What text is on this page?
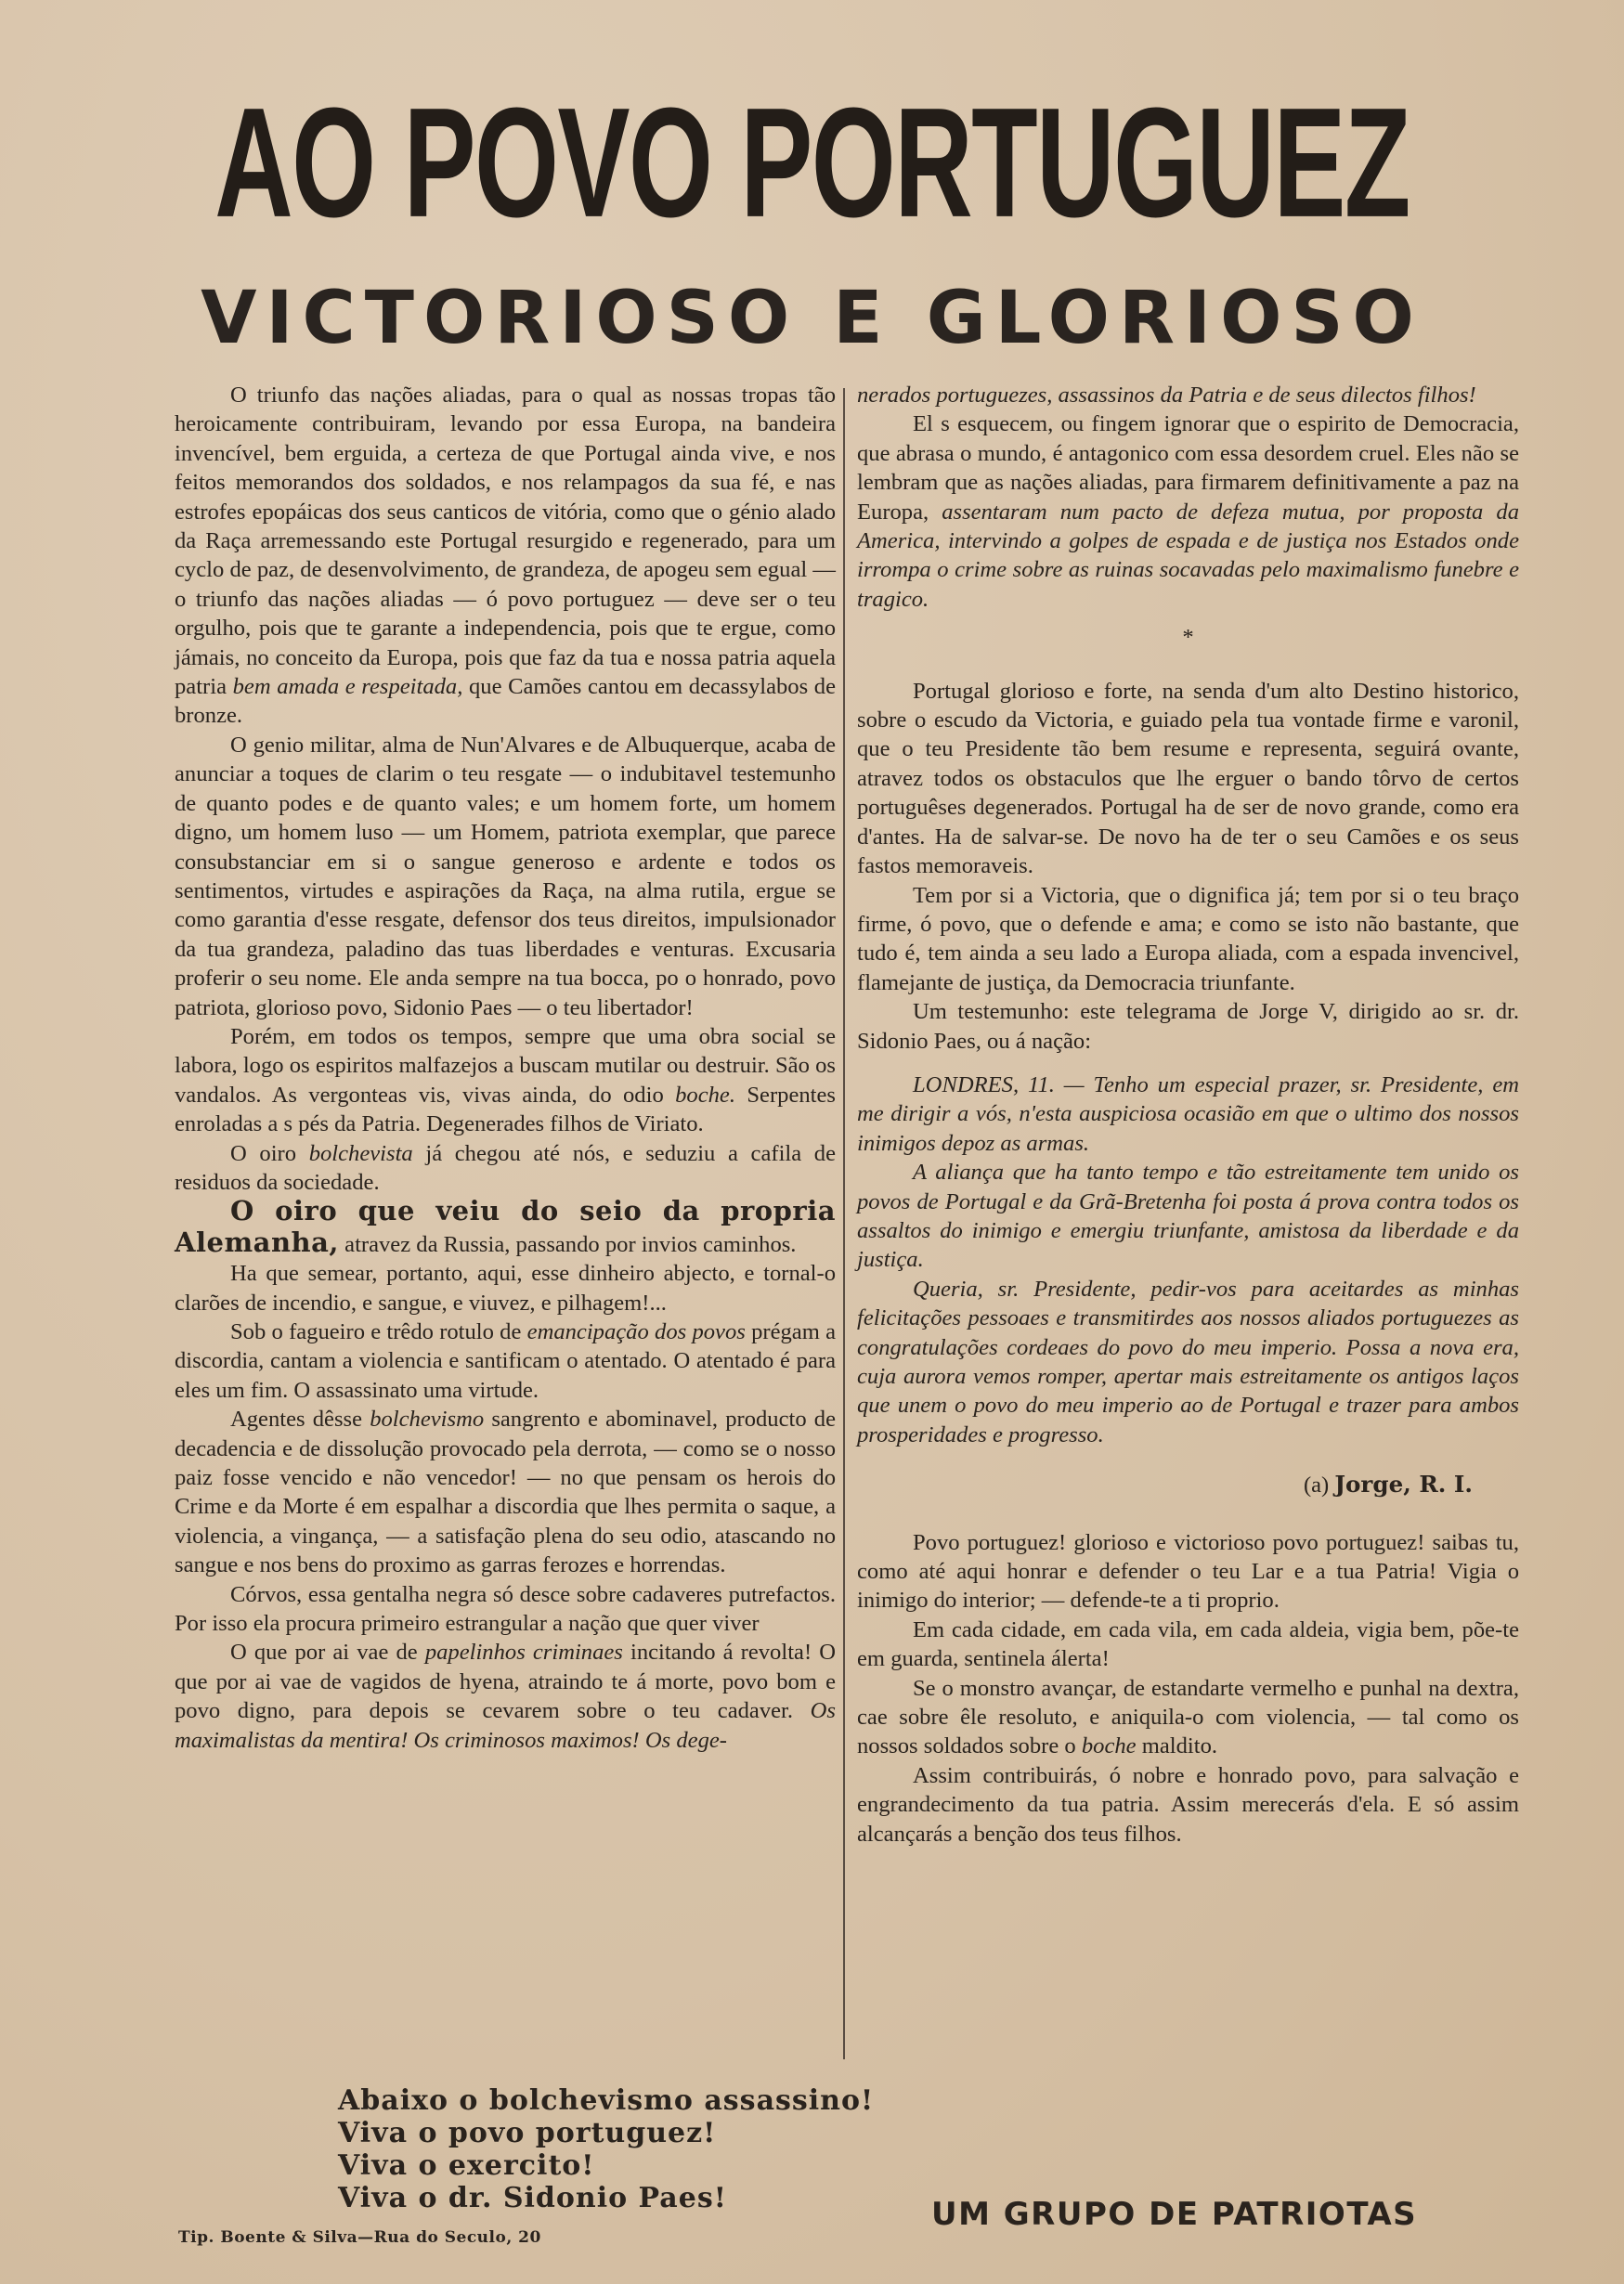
AO POVO PORTUGUEZ
VICTORIOSO E GLORIOSO

O triunfo das nações aliadas, para o qual as nossas tropas tão heroicamente contribuiram, levando por essa Europa, na bandeira invencível, bem erguida, a certeza de que Portugal ainda vive, e nos feitos memorandos dos soldados, e nos relampagos da sua fé, e nas estrofes epopáicas dos seus canticos de vitória, como que o génio alado da Raça arremessando este Portugal resurgido e regenerado, para um cyclo de paz, de desenvolvimento, de grandeza, de apogeu sem egual — o triunfo das nações aliadas — ó povo portuguez — deve ser o teu orgulho, pois que te garante a independencia, pois que te ergue, como jámais, no conceito da Europa, pois que faz da tua e nossa patria aquela patria bem amada e respeitada, que Camões cantou em decassylabos de bronze.

O genio militar, alma de Nun'Alvares e de Albuquerque, acaba de anunciar a toques de clarim o teu resgate — o indubitavel testemunho de quanto podes e de quanto vales; e um homem forte, um homem digno, um homem luso — um Homem, patriota exemplar, que parece consubstanciar em si o sangue generoso e ardente e todos os sentimentos, virtudes e aspirações da Raça, na alma rutila, ergue se como garantia d'esse resgate, defensor dos teus direitos, impulsionador da tua grandeza, paladino das tuas liberdades e venturas. Excusaria proferir o seu nome. Ele anda sempre na tua bocca, po o honrado, povo patriota, glorioso povo, Sidonio Paes — o teu libertador!

Porém, em todos os tempos, sempre que uma obra social se labora, logo os espiritos malfazejos a buscam mutilar ou destruir. São os vandalos. As vergonteas vis, vivas ainda, do odio boche. Serpentes enroladas a s pés da Patria. Degenerades filhos de Viriato.

O oiro bolchevista já chegou até nós, e seduziu a cafila de residuos da sociedade.

O oiro que veiu do seio da propria Alemanha, atravez da Russia, passando por invios caminhos.

Ha que semear, portanto, aqui, esse dinheiro abjecto, e tornal-o clarões de incendio, e sangue, e viuvez, e pilhagem!...

Sob o fagueiro e trêdo rotulo de emancipação dos povos prégam a discordia, cantam a violencia e santificam o atentado. O atentado é para eles um fim. O assassinato uma virtude.

Agentes dêsse bolchevismo sangrento e abominavel, producto de decadencia e de dissolução provocado pela derrota, — como se o nosso paiz fosse vencido e não vencedor! — no que pensam os herois do Crime e da Morte é em espalhar a discordia que lhes permita o saque, a violencia, a vingança, — a satisfação plena do seu odio, atascando no sangue e nos bens do proximo as garras ferozes e horrendas.

Córvos, essa gentalha negra só desce sobre cadaveres putrefactos. Por isso ela procura primeiro estrangular a nação que quer viver

O que por ai vae de papelinhos criminaes incitando á revolta! O que por ai vae de vagidos de hyena, atraindo te á morte, povo bom e povo digno, para depois se cevarem sobre o teu cadaver. Os maximalistas da mentira! Os criminosos maximos! Os dege-

nerados portuguezes, assassinos da Patria e de seus dilectos filhos!

El s esquecem, ou fingem ignorar que o espirito de Democracia, que abrasa o mundo, é antagonico com essa desordem cruel. Eles não se lembram que as nações aliadas, para firmarem definitivamente a paz na Europa, assentaram num pacto de defeza mutua, por proposta da America, intervindo a golpes de espada e de justiça nos Estados onde irrompa o crime sobre as ruinas socavadas pelo maximalismo funebre e tragico.

*

Portugal glorioso e forte, na senda d'um alto Destino historico, sobre o escudo da Victoria, e guiado pela tua vontade firme e varonil, que o teu Presidente tão bem resume e representa, seguirá ovante, atravez todos os obstaculos que lhe erguer o bando tôrvo de certos portuguêses degenerados. Portugal ha de ser de novo grande, como era d'antes. Ha de salvar-se. De novo ha de ter o seu Camões e os seus fastos memoraveis.

Tem por si a Victoria, que o dignifica já; tem por si o teu braço firme, ó povo, que o defende e ama; e como se isto não bastante, que tudo é, tem ainda a seu lado a Europa aliada, com a espada invencivel, flamejante de justiça, da Democracia triunfante.

Um testemunho: este telegrama de Jorge V, dirigido ao sr. dr. Sidonio Paes, ou á nação:

LONDRES, 11. — Tenho um especial prazer, sr. Presidente, em me dirigir a vós, n'esta auspiciosa ocasião em que o ultimo dos nossos inimigos depoz as armas.

A aliança que ha tanto tempo e tão estreitamente tem unido os povos de Portugal e da Grã-Bretenha foi posta á prova contra todos os assaltos do inimigo e emergiu triunfante, amistosa da liberdade e da justiça.

Queria, sr. Presidente, pedir-vos para aceitardes as minhas felicitações pessoaes e transmitirdes aos nossos aliados portuguezes as congratulações cordeaes do povo do meu imperio. Possa a nova era, cuja aurora vemos romper, apertar mais estreitamente os antigos laços que unem o povo do meu imperio ao de Portugal e trazer para ambos prosperidades e progresso.

(a) Jorge, R. I.

Povo portuguez! glorioso e victorioso povo portuguez! saibas tu, como até aqui honrar e defender o teu Lar e a tua Patria! Vigia o inimigo do interior; — defende-te a ti proprio.

Em cada cidade, em cada vila, em cada aldeia, vigia bem, põe-te em guarda, sentinela álerta!

Se o monstro avançar, de estandarte vermelho e punhal na dextra, cae sobre êle resoluto, e aniquila-o com violencia, — tal como os nossos soldados sobre o boche maldito.

Assim contribuirás, ó nobre e honrado povo, para salvação e engrandecimento da tua patria. Assim merecerás d'ela. E só assim alcançarás a benção dos teus filhos.

Abaixo o bolchevismo assassino!
Viva o povo portuguez!
Viva o exercito!
Viva o dr. Sidonio Paes!	UM GRUPO DE PATRIOTAS
Tip. Boente & Silva—Rua do Seculo, 20
